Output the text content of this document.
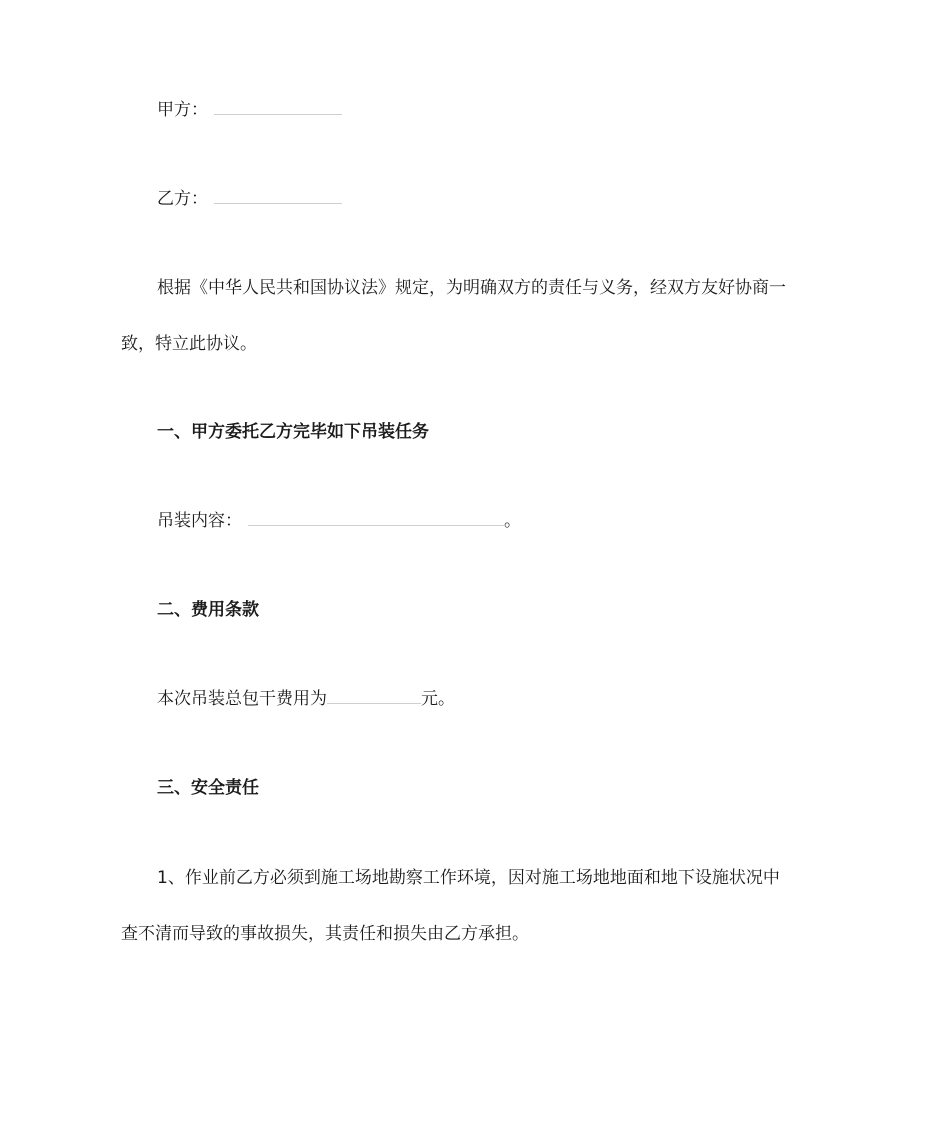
甲方：
乙方：
根据《中华人民共和国协议法》规定，为明确双方的责任与义务，经双方友好协商一
致，特立此协议。
一、甲方委托乙方完毕如下吊装任务
吊装内容：	。
二、费用条款
本次吊装总包干费用为	元。
三、安全责任
1、作业前乙方必须到施工场地勘察工作环境，因对施工场地地面和地下设施状况中
查不清而导致的事故损失，其责任和损失由乙方承担。
